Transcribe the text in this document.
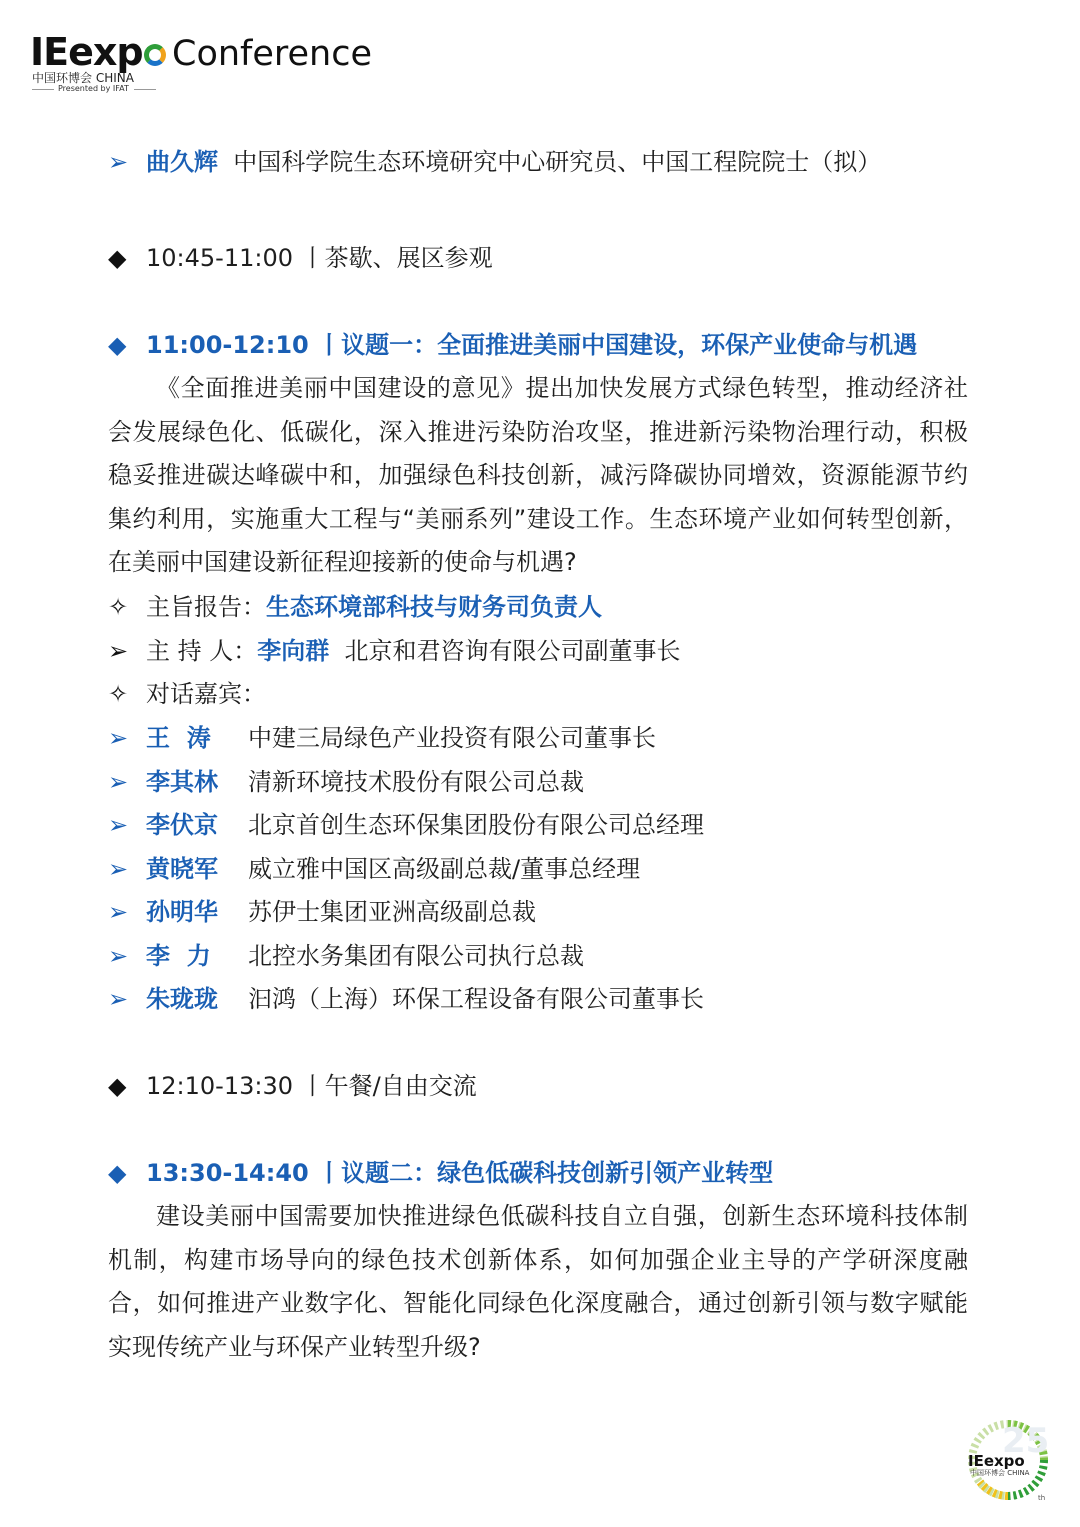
IEexp Conference
中国环博会 CHINA
Presented by IFAT
➢ 曲久辉 中国科学院生态环境研究中心研究员、中国工程院院士（拟）
◆ 10:45-11:00 丨茶歇、展区参观
◆ 11:00-12:10 丨议题一：全面推进美丽中国建设，环保产业使命与机遇
《全面推进美丽中国建设的意见》提出加快发展方式绿色转型，推动经济社会发展绿色化、低碳化，深入推进污染防治攻坚，推进新污染物治理行动，积极稳妥推进碳达峰碳中和，加强绿色科技创新，减污降碳协同增效，资源能源节约集约利用，实施重大工程与“美丽系列”建设工作。生态环境产业如何转型创新，在美丽中国建设新征程迎接新的使命与机遇?
✧ 主旨报告：生态环境部科技与财务司负责人
➢ 主 持 人：李向群 北京和君咨询有限公司副董事长
✧ 对话嘉宾：
➢ 王  涛 中建三局绿色产业投资有限公司董事长
➢ 李其林 清新环境技术股份有限公司总裁
➢ 李伏京 北京首创生态环保集团股份有限公司总经理
➢ 黄晓军 威立雅中国区高级副总裁/董事总经理
➢ 孙明华 苏伊士集团亚洲高级副总裁
➢ 李  力 北控水务集团有限公司执行总裁
➢ 朱珑珑 汩鸿（上海）环保工程设备有限公司董事长
◆ 12:10-13:30 丨午餐/自由交流
◆ 13:30-14:40 丨议题二：绿色低碳科技创新引领产业转型
建设美丽中国需要加快推进绿色低碳科技自立自强，创新生态环境科技体制机制，构建市场导向的绿色技术创新体系，如何加强企业主导的产学研深度融合，如何推进产业数字化、智能化同绿色化深度融合，通过创新引领与数字赋能实现传统产业与环保产业转型升级?
25
th
IEexpo
中国环博会 CHINA
